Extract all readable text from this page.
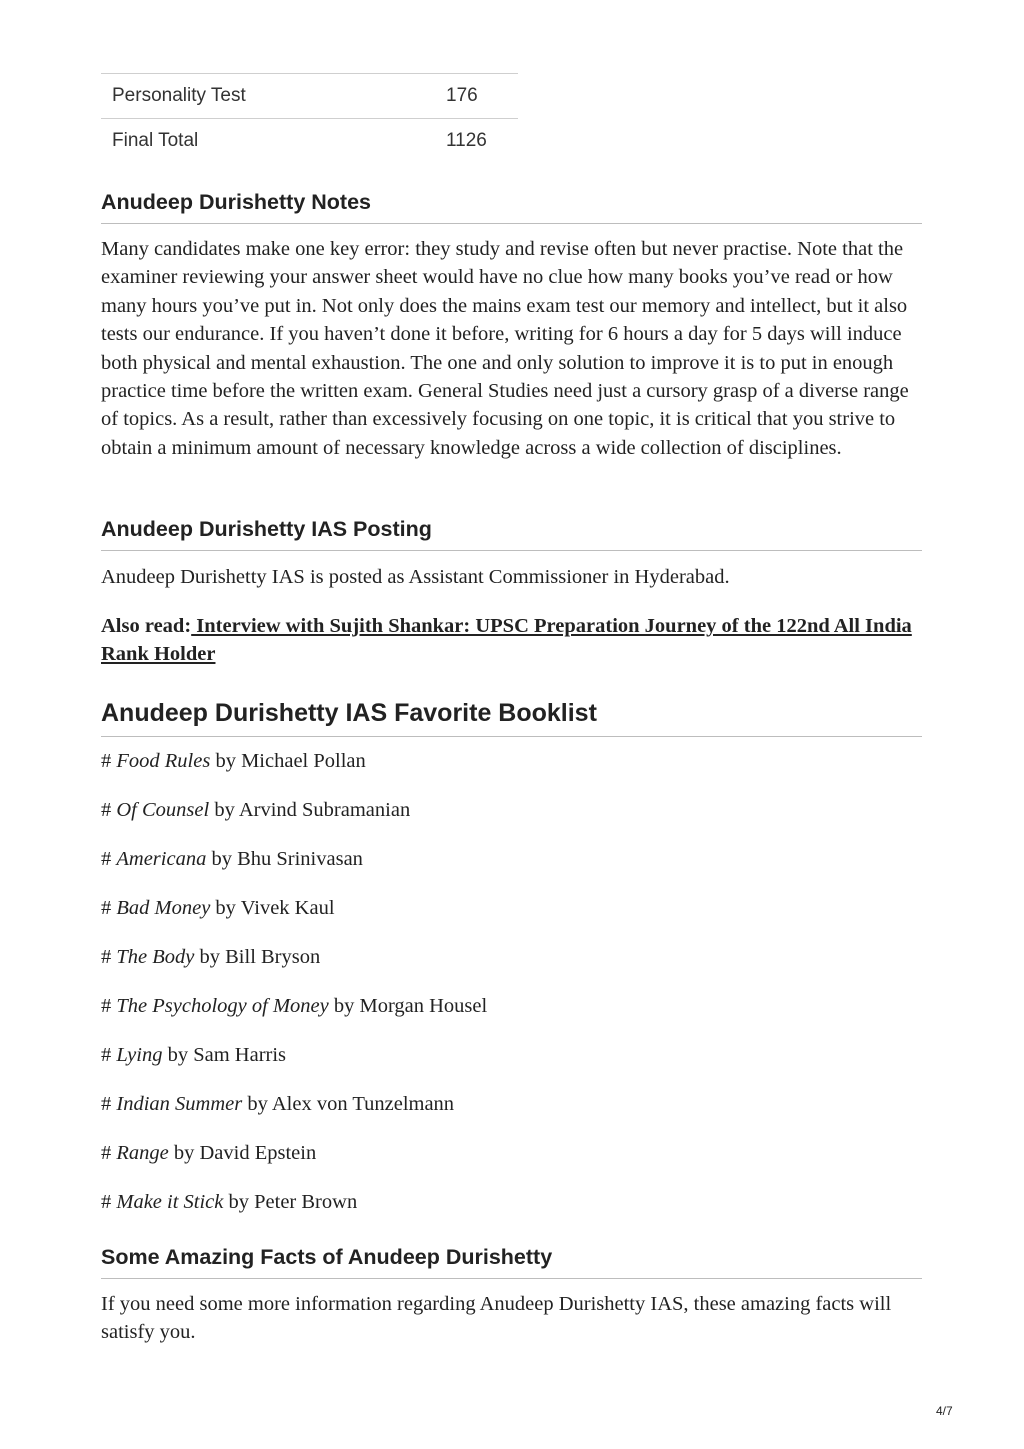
Personality Test	176
Final Total	1126
Anudeep Durishetty Notes

Many candidates make one key error: they study and revise often but never practise. Note that the examiner reviewing your answer sheet would have no clue how many books you’ve read or how many hours you’ve put in. Not only does the mains exam test our memory and intellect, but it also tests our endurance. If you haven’t done it before, writing for 6 hours a day for 5 days will induce both physical and mental exhaustion. The one and only solution to improve it is to put in enough practice time before the written exam. General Studies need just a cursory grasp of a diverse range of topics. As a result, rather than excessively focusing on one topic, it is critical that you strive to obtain a minimum amount of necessary knowledge across a wide collection of disciplines.

Anudeep Durishetty IAS Posting

Anudeep Durishetty IAS is posted as Assistant Commissioner in Hyderabad.

Also read: Interview with Sujith Shankar: UPSC Preparation Journey of the 122nd All India Rank Holder

Anudeep Durishetty IAS Favorite Booklist

# Food Rules by Michael Pollan

# Of Counsel by Arvind Subramanian

# Americana by Bhu Srinivasan

# Bad Money by Vivek Kaul

# The Body by Bill Bryson

# The Psychology of Money by Morgan Housel

# Lying by Sam Harris

# Indian Summer by Alex von Tunzelmann

# Range by David Epstein

# Make it Stick by Peter Brown

Some Amazing Facts of Anudeep Durishetty

If you need some more information regarding Anudeep Durishetty IAS, these amazing facts will satisfy you.

4/7
